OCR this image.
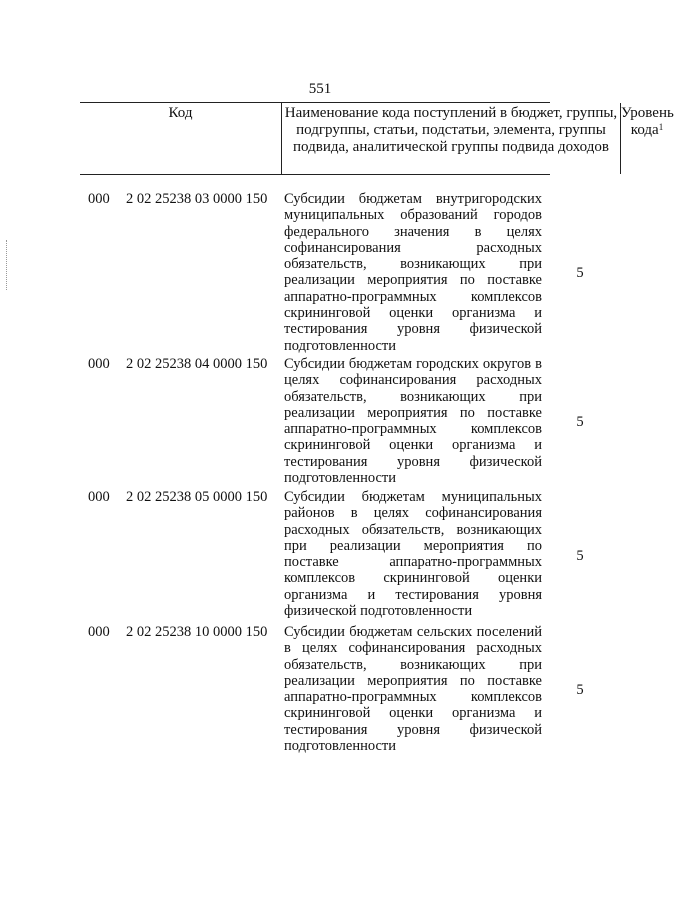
551
Код	Наименование кода поступлений в бюджет, группы, подгруппы, статьи, подстатьи, элемента, группы подвида, аналитической группы подвида доходов
Уровень кода$^1$
000 2 02 25238 03 0000 150 Субсидии бюджетам внутригородских муниципальных образований городов федерального значения в целях софинансирования расходных обязательств, возникающих при реализации мероприятия по поставке аппаратно-программных комплексов скрининговой оценки организма и тестирования уровня физической подготовленности
5
000 2 02 25238 04 0000 150 Субсидии бюджетам городских округов в целях софинансирования расходных обязательств, возникающих при реализации мероприятия по поставке аппаратно-программных комплексов скрининговой оценки организма и тестирования уровня физической подготовленности
5
000 2 02 25238 05 0000 150 Субсидии бюджетам муниципальных районов в целях софинансирования расходных обязательств, возникающих при реализации мероприятия по поставке аппаратно-программных комплексов скрининговой оценки организма и тестирования уровня физической подготовленности
5
000 2 02 25238 10 0000 150 Субсидии бюджетам сельских поселений в целях софинансирования расходных обязательств, возникающих при реализации мероприятия по поставке аппаратно-программных комплексов скрининговой оценки организма и тестирования уровня физической подготовленности
5
